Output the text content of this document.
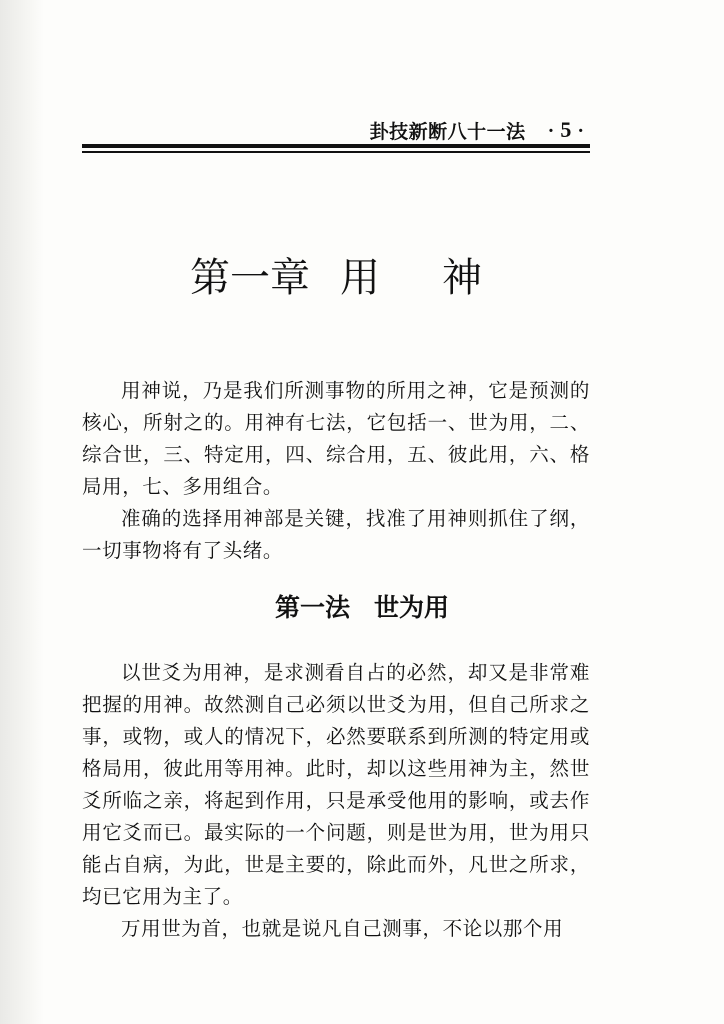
卦技新断八十一法
·	5 ·
第一章 用 神

用神说，乃是我们所测事物的所用之神，它是预测的核心，所射之的。用神有七法，它包括一、世为用，二、综合世，三、特定用，四、综合用，五、彼此用，六、格局用，七、多用组合。

准确的选择用神部是关键，找准了用神则抓住了纲，一切事物将有了头绪。

第一法 世为用

以世爻为用神，是求测看自占的必然，却又是非常难把握的用神。故然测自己必须以世爻为用，但自己所求之事，或物，或人的情况下，必然要联系到所测的特定用或格局用，彼此用等用神。此时，却以这些用神为主，然世爻所临之亲，将起到作用，只是承受他用的影响，或去作用它爻而已。最实际的一个问题，则是世为用，世为用只能占自病，为此，世是主要的，除此而外，凡世之所求，均已它用为主了。

万用世为首，也就是说凡自己测事，不论以那个用
